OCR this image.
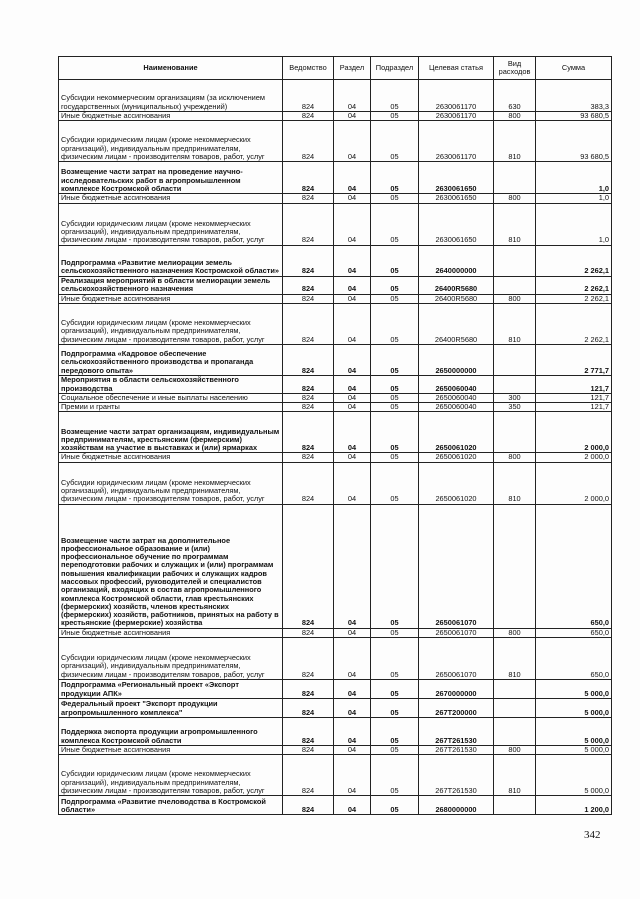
Наименование	Ведомство	Раздел	Подраздел	Целевая статья	Вид расходов	Сумма
Субсидии некоммерческим организациям (за исключением государственных (муниципальных) учреждений)	824	04	05	2630061170	630	383,3
Иные бюджетные ассигнования	824	04	05	2630061170	800	93 680,5
Субсидии юридическим лицам (кроме некоммерческих организаций), индивидуальным предпринимателям, физическим лицам - производителям товаров, работ, услуг	824	04	05	2630061170	810	93 680,5
Возмещение части затрат на проведение научно-исследовательских работ в агропромышленном комплексе Костромской области	824	04	05	2630061650		1,0
Иные бюджетные ассигнования	824	04	05	2630061650	800	1,0
Субсидии юридическим лицам (кроме некоммерческих организаций), индивидуальным предпринимателям, физическим лицам - производителям товаров, работ, услуг	824	04	05	2630061650	810	1,0
Подпрограмма «Развитие мелиорации земель сельскохозяйственного назначения Костромской области»	824	04	05	2640000000		2 262,1
Реализация мероприятий в области мелиорации земель сельскохозяйственного назначения	824	04	05	26400R5680		2 262,1
Иные бюджетные ассигнования	824	04	05	26400R5680	800	2 262,1
Субсидии юридическим лицам (кроме некоммерческих организаций), индивидуальным предпринимателям, физическим лицам - производителям товаров, работ, услуг	824	04	05	26400R5680	810	2 262,1
Подпрограмма «Кадровое обеспечение сельскохозяйственного производства и пропаганда передового опыта»	824	04	05	2650000000		2 771,7
Мероприятия в области сельскохозяйственного производства	824	04	05	2650060040		121,7
Социальное обеспечение и иные выплаты населению	824	04	05	2650060040	300	121,7
Премии и гранты	824	04	05	2650060040	350	121,7
Возмещение части затрат организациям, индивидуальным предпринимателям, крестьянским (фермерским) хозяйствам на участие в выставках и (или) ярмарках	824	04	05	2650061020		2 000,0
Иные бюджетные ассигнования	824	04	05	2650061020	800	2 000,0
Субсидии юридическим лицам (кроме некоммерческих организаций), индивидуальным предпринимателям, физическим лицам - производителям товаров, работ, услуг	824	04	05	2650061020	810	2 000,0
Возмещение части затрат на дополнительное профессиональное образование и (или) профессиональное обучение по программам переподготовки рабочих и служащих и (или) программам повышения квалификации рабочих и служащих кадров массовых профессий, руководителей и специалистов организаций, входящих в состав агропромышленного комплекса Костромской области, глав крестьянских (фермерских) хозяйств, членов крестьянских (фермерских) хозяйств, работников, принятых на работу в крестьянские (фермерские) хозяйства	824	04	05	2650061070		650,0
Иные бюджетные ассигнования	824	04	05	2650061070	800	650,0
Субсидии юридическим лицам (кроме некоммерческих организаций), индивидуальным предпринимателям, физическим лицам - производителям товаров, работ, услуг	824	04	05	2650061070	810	650,0
Подпрограмма «Региональный проект «Экспорт продукции АПК»	824	04	05	2670000000		5 000,0
Федеральный проект "Экспорт продукции агропромышленного комплекса"	824	04	05	267T200000		5 000,0
Поддержка экспорта продукции агропромышленного комплекса Костромской области	824	04	05	267T261530		5 000,0
Иные бюджетные ассигнования	824	04	05	267T261530	800	5 000,0
Субсидии юридическим лицам (кроме некоммерческих организаций), индивидуальным предпринимателям, физическим лицам - производителям товаров, работ, услуг	824	04	05	267T261530	810	5 000,0
Подпрограмма «Развитие пчеловодства в Костромской области»	824	04	05	2680000000		1 200,0
342
